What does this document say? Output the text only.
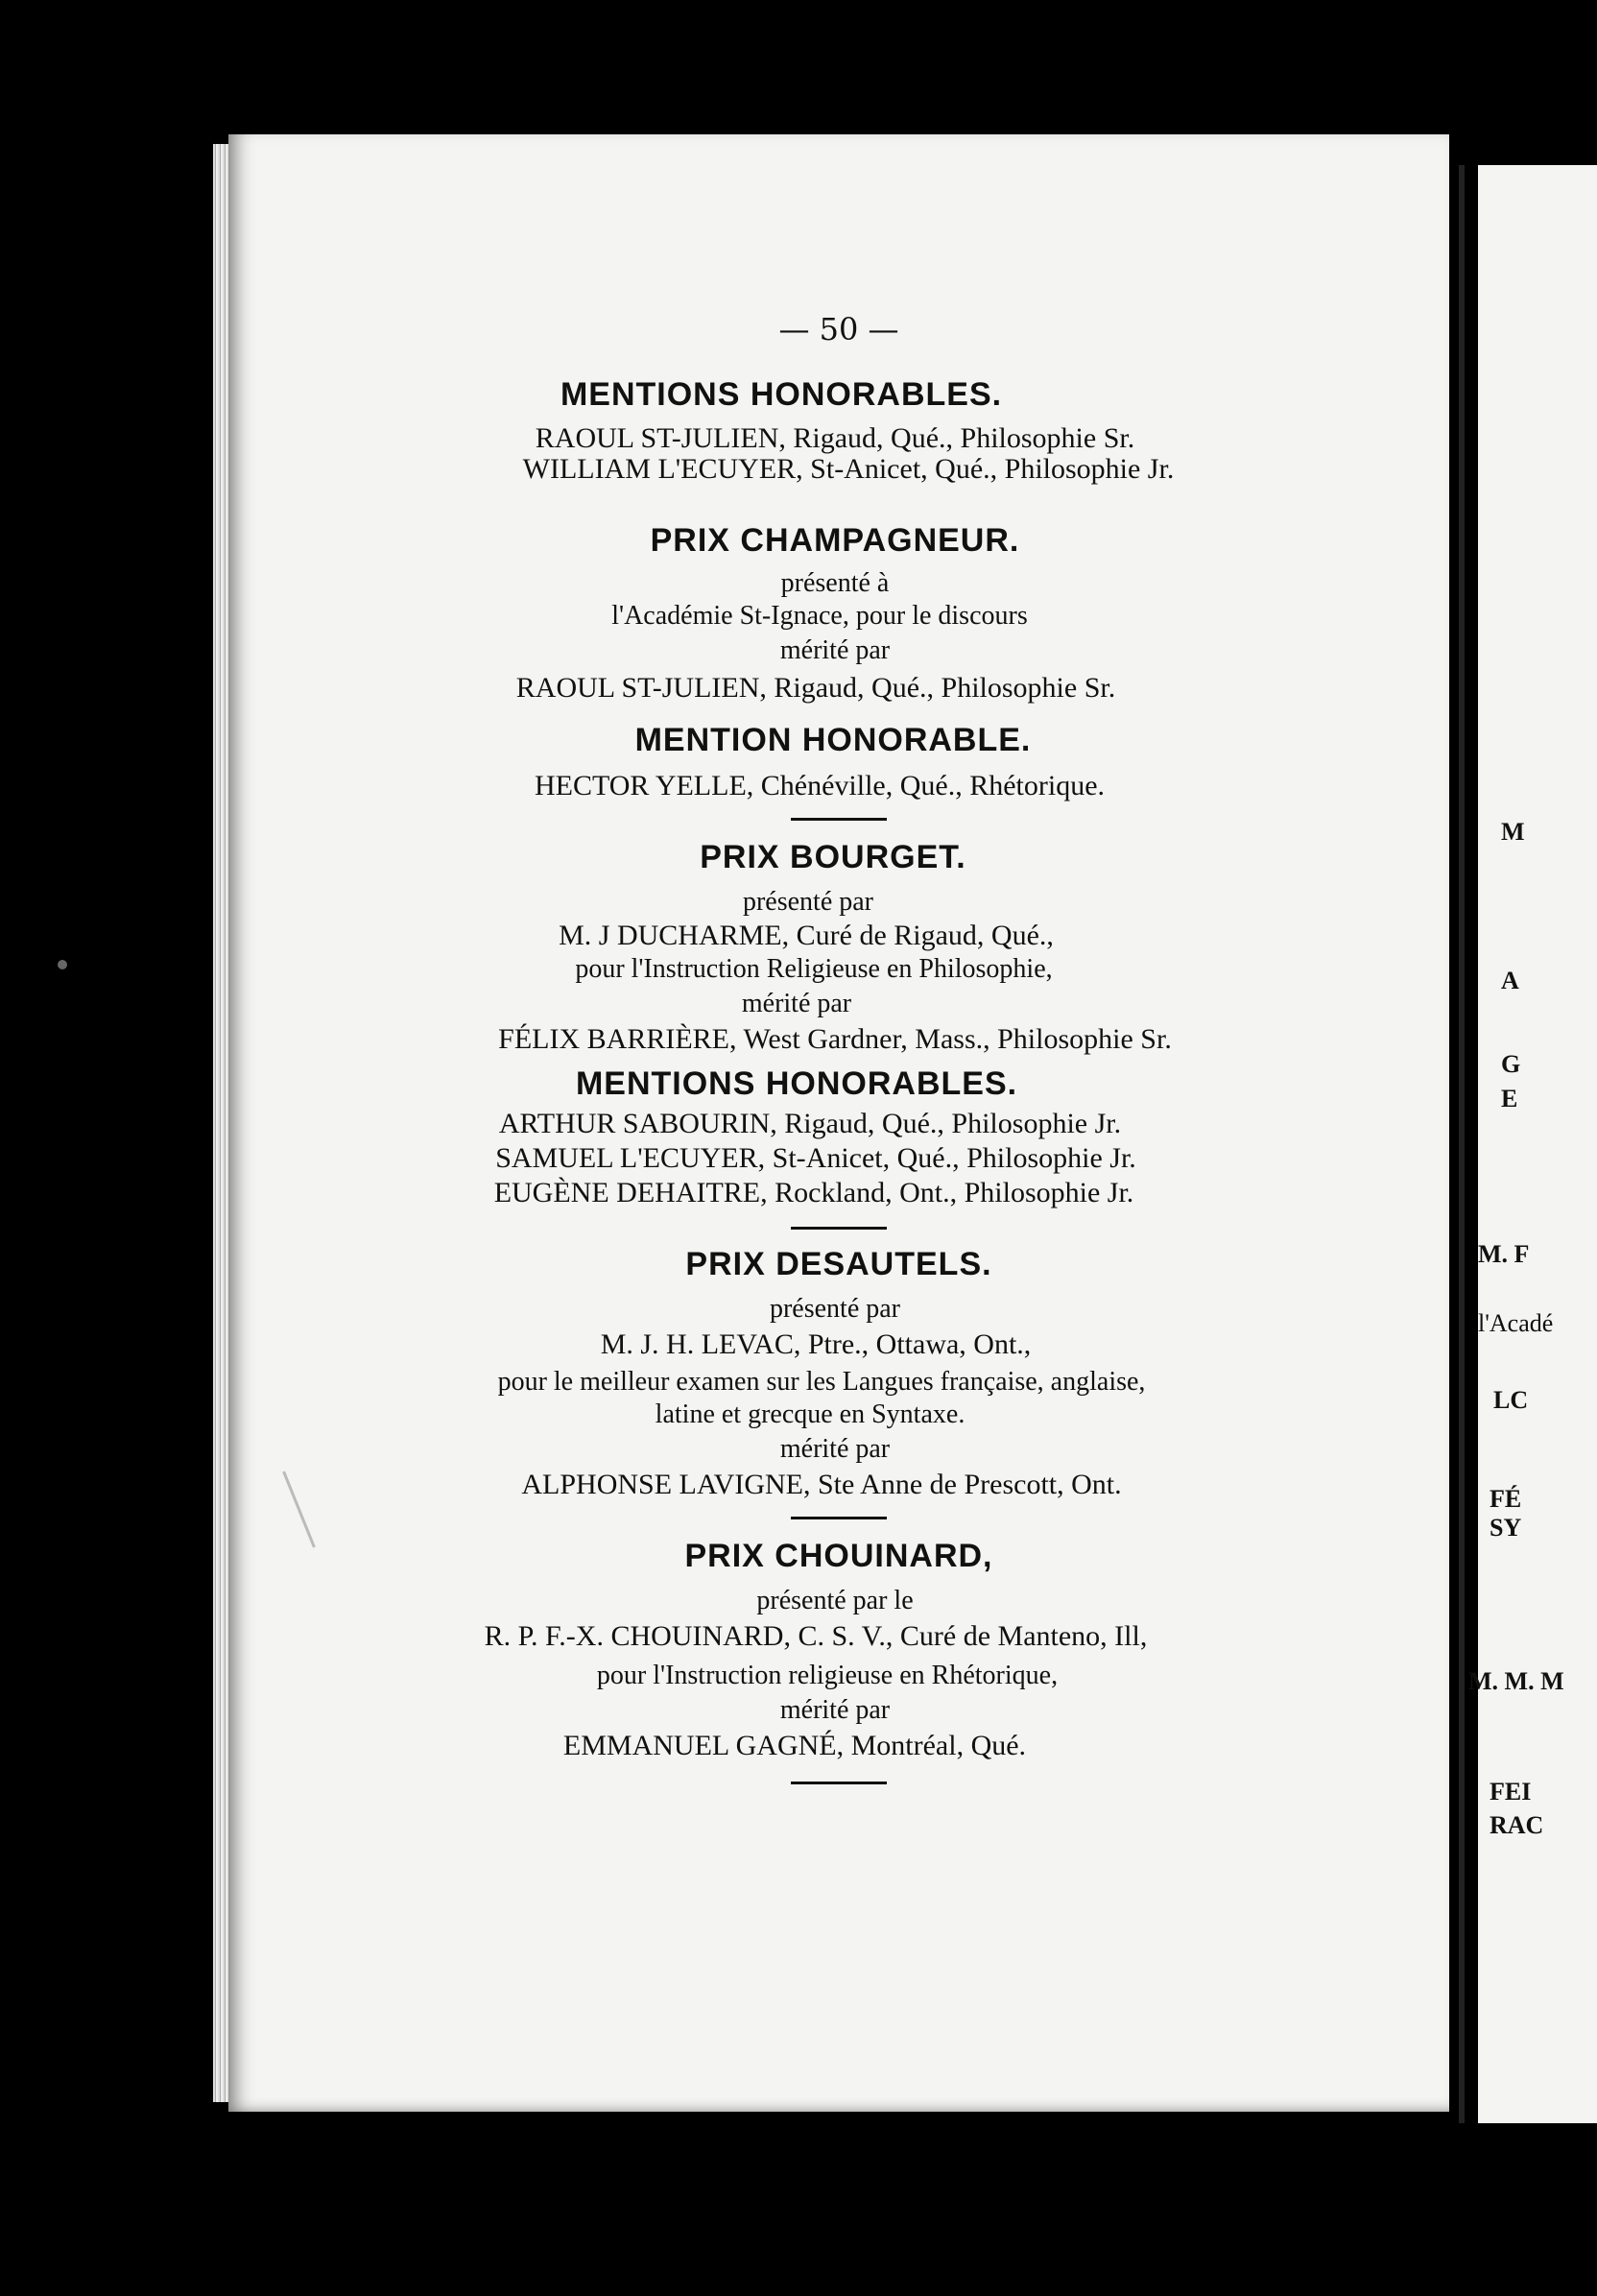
M
A
G
E
M. F
l'Acadé
LC
FÉ
SY
M. M. M
FEI
RAC
— 50 —
MENTIONS HONORABLES.
RAOUL ST-JULIEN, Rigaud, Qué., Philosophie Sr.
WILLIAM L'ECUYER, St-Anicet, Qué., Philosophie Jr.
PRIX CHAMPAGNEUR.
présenté à
l'Académie St-Ignace, pour le discours
mérité par
RAOUL ST-JULIEN, Rigaud, Qué., Philosophie Sr.
MENTION HONORABLE.
HECTOR YELLE, Chénéville, Qué., Rhétorique.
PRIX BOURGET.
présenté par
M. J DUCHARME, Curé de Rigaud, Qué.,
pour l'Instruction Religieuse en Philosophie,
mérité par
FÉLIX BARRIÈRE, West Gardner, Mass., Philosophie Sr.
MENTIONS HONORABLES.
ARTHUR SABOURIN, Rigaud, Qué., Philosophie Jr.
SAMUEL L'ECUYER, St-Anicet, Qué., Philosophie Jr.
EUGÈNE DEHAITRE, Rockland, Ont., Philosophie Jr.
PRIX DESAUTELS.
présenté par
M. J. H. LEVAC, Ptre., Ottawa, Ont.,
pour le meilleur examen sur les Langues française, anglaise,
latine et grecque en Syntaxe.
mérité par
ALPHONSE LAVIGNE, Ste Anne de Prescott, Ont.
PRIX CHOUINARD,
présenté par le
R. P. F.-X. CHOUINARD, C. S. V., Curé de Manteno, Ill,
pour l'Instruction religieuse en Rhétorique,
mérité par
EMMANUEL GAGNÉ, Montréal, Qué.
